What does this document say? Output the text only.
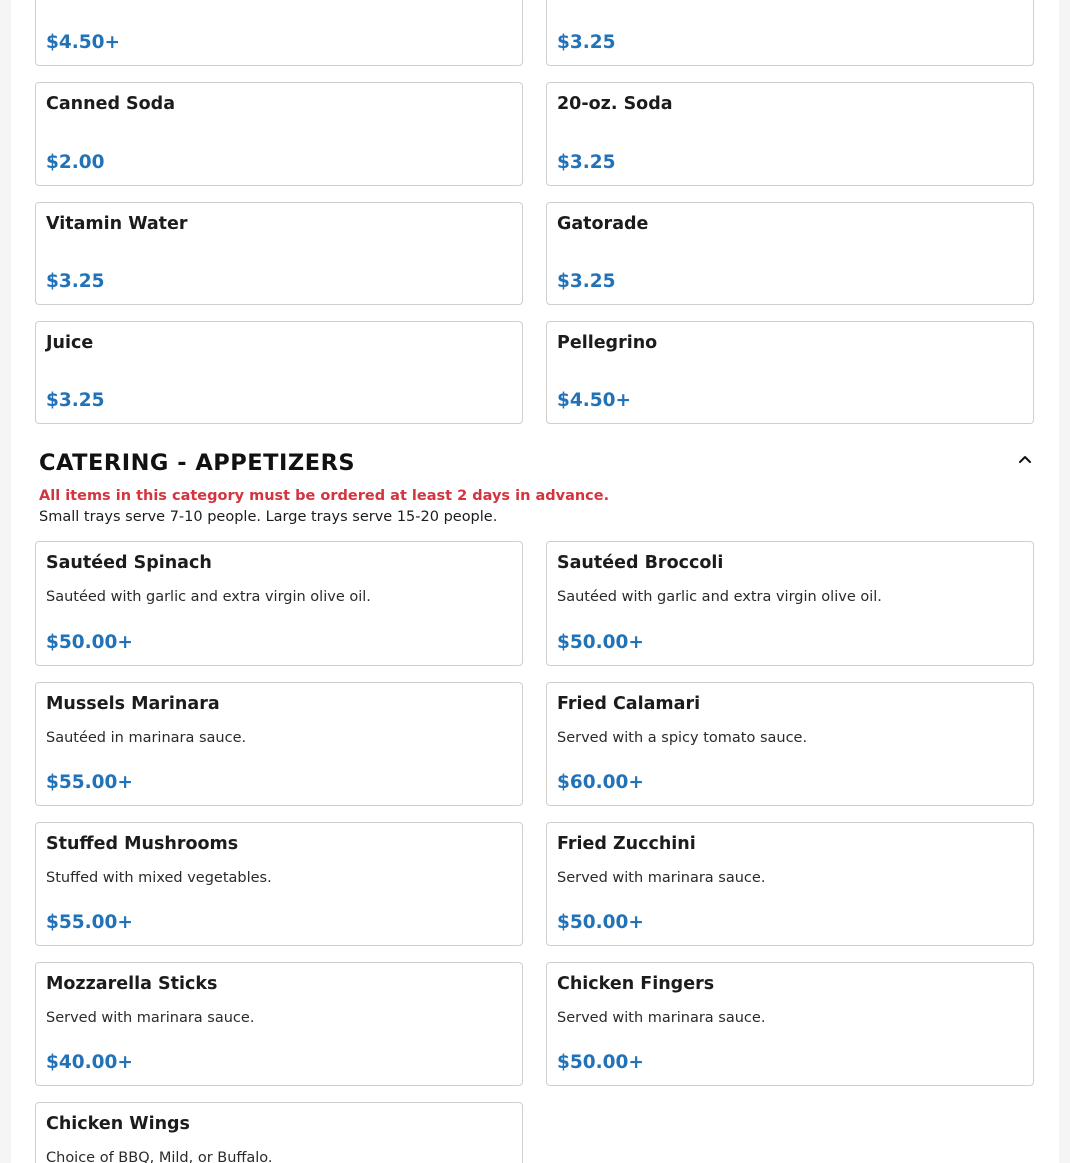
$4.50+	$3.25
Canned Soda
$2.00
20-oz. Soda
$3.25
Vitamin Water
$3.25
Gatorade
$3.25
Juice
$3.25
Pellegrino
$4.50+
CATERING - APPETIZERS
All items in this category must be ordered at least 2 days in advance.
Small trays serve 7-10 people. Large trays serve 15-20 people.
Sautéed Spinach
Sautéed with garlic and extra virgin olive oil.
$50.00+
Sautéed Broccoli
Sautéed with garlic and extra virgin olive oil.
$50.00+
Mussels Marinara
Sautéed in marinara sauce.
$55.00+
Fried Calamari
Served with a spicy tomato sauce.
$60.00+
Stuffed Mushrooms
Stuffed with mixed vegetables.
$55.00+
Fried Zucchini
Served with marinara sauce.
$50.00+
Mozzarella Sticks
Served with marinara sauce.
$40.00+
Chicken Fingers
Served with marinara sauce.
$50.00+
Chicken Wings
Choice of BBQ, Mild, or Buffalo.
